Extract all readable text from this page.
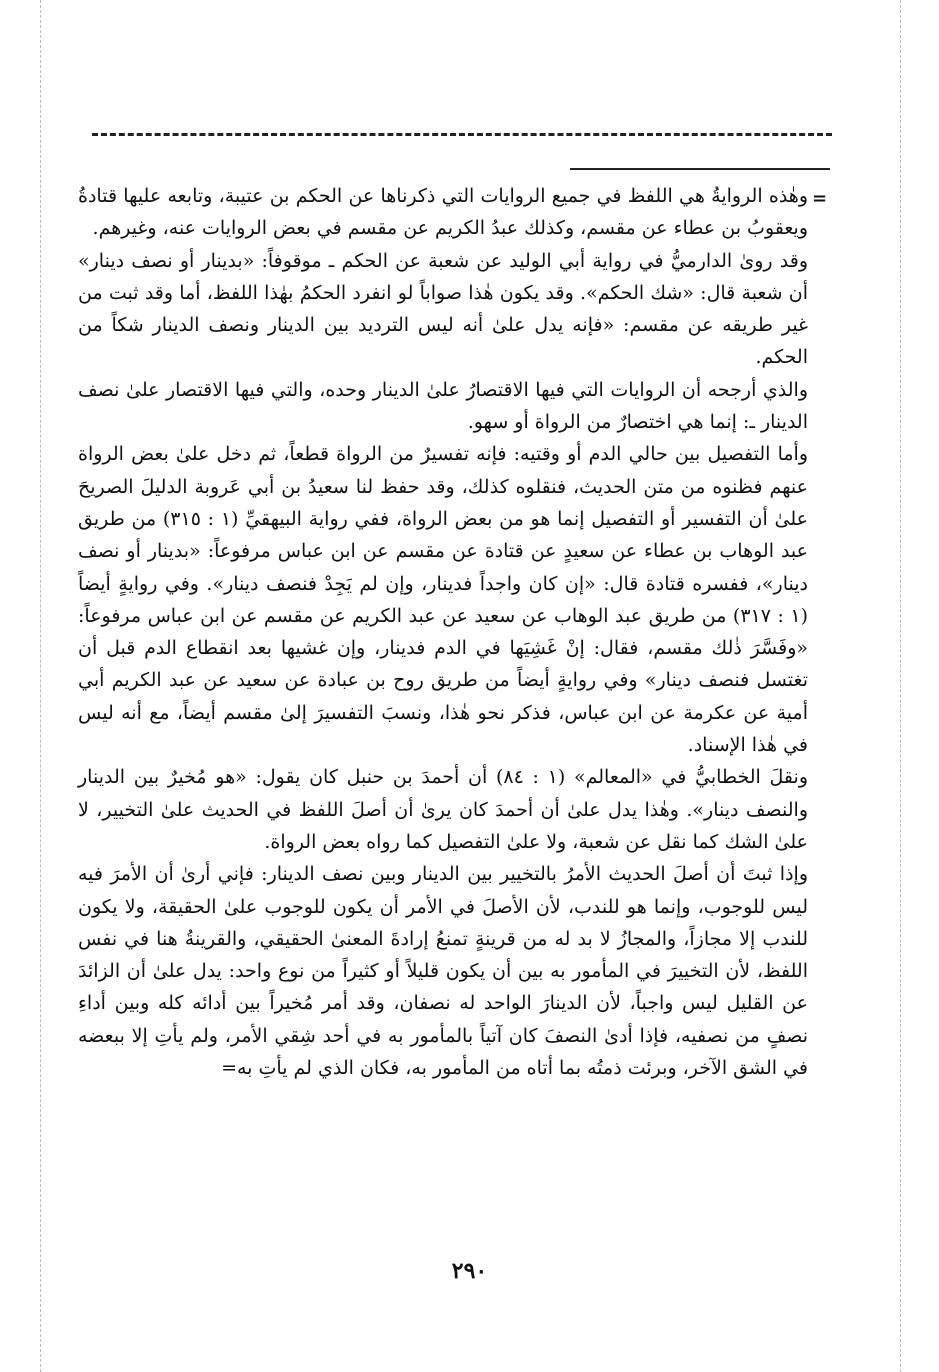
=

وهٰذه الروايةُ هي اللفظ في جميع الروايات التي ذكرناها عن الحكم بن عتيبة، وتابعه عليها قتادةُ ويعقوبُ بن عطاء عن مقسم، وكذلك عبدُ الكريم عن مقسم في بعض الروايات عنه، وغيرهم.

وقد روىٰ الدارميُّ في رواية أبي الوليد عن شعبة عن الحكم ـ موقوفاً: «بدينار أو نصف دينار» أن شعبة قال: «شك الحكم». وقد يكون هٰذا صواباً لو انفرد الحكمُ بهٰذا اللفظ، أما وقد ثبت من غير طريقه عن مقسم: «فإنه يدل علىٰ أنه ليس الترديد بين الدينار ونصف الدينار شكاً من الحكم.

والذي أرجحه أن الروايات التي فيها الاقتصارُ علىٰ الدينار وحده، والتي فيها الاقتصار علىٰ نصف الدينار ـ: إنما هي اختصارٌ من الرواة أو سهو.

وأما التفصيل بين حالي الدم أو وقتيه: فإنه تفسيرٌ من الرواة قطعاً، ثم دخل علىٰ بعض الرواة عنهم فظنوه من متن الحديث، فنقلوه كذلك، وقد حفظ لنا سعيدُ بن أبي عَروبة الدليلَ الصريحَ علىٰ أن التفسير أو التفصيل إنما هو من بعض الرواة، ففي رواية البيهقيِّ (١ : ٣١٥) من طريق عبد الوهاب بن عطاء عن سعيدٍ عن قتادة عن مقسم عن ابن عباس مرفوعاً: «بدينار أو نصف دينار»، ففسره قتادة قال: «إن كان واجداً فدينار، وإن لم يَجِدْ فنصف دينار». وفي روايةٍ أيضاً (١ : ٣١٧) من طريق عبد الوهاب عن سعيد عن عبد الكريم عن مقسم عن ابن عباس مرفوعاً: «وفَسَّرَ ذٰلك مقسم، فقال: إنْ غَشِيَها في الدم فدينار، وإن غشيها بعد انقطاع الدم قبل أن تغتسل فنصف دينار» وفي روايةٍ أيضاً من طريق روح بن عبادة عن سعيد عن عبد الكريم أبي أمية عن عكرمة عن ابن عباس، فذكر نحو هٰذا، ونسبَ التفسيرَ إلىٰ مقسم أيضاً، مع أنه ليس في هٰذا الإسناد.

ونقلَ الخطابيُّ في «المعالم» (١ : ٨٤) أن أحمدَ بن حنبل كان يقول: «هو مُخيرٌ بين الدينار والنصف دينار». وهٰذا يدل علىٰ أن أحمدَ كان يرىٰ أن أصلَ اللفظ في الحديث علىٰ التخيير، لا علىٰ الشك كما نقل عن شعبة، ولا علىٰ التفصيل كما رواه بعض الرواة.

وإذا ثبتَ أن أصلَ الحديث الأمرُ بالتخيير بين الدينار وبين نصف الدينار: فإني أرىٰ أن الأمرَ فيه ليس للوجوب، وإنما هو للندب، لأن الأصلَ في الأمر أن يكون للوجوب علىٰ الحقيقة، ولا يكون للندب إلا مجازاً، والمجازُ لا بد له من قرينةٍ تمنعُ إرادةَ المعنىٰ الحقيقي، والقرينةُ هنا في نفس اللفظ، لأن التخييرَ في المأمور به بين أن يكون قليلاً أو كثيراً من نوع واحد: يدل علىٰ أن الزائدَ عن القليل ليس واجباً، لأن الدينارَ الواحد له نصفان، وقد أمر مُخيراً بين أدائه كله وبين أداءِ نصفٍ من نصفيه، فإذا أدىٰ النصفَ كان آتياً بالمأمور به في أحد شِقي الأمر، ولم يأتِ إلا ببعضه في الشق الآخر، وبرئت ذمتُه بما أتاه من المأمور به، فكان الذي لم يأتِ به=

٢٩٠
